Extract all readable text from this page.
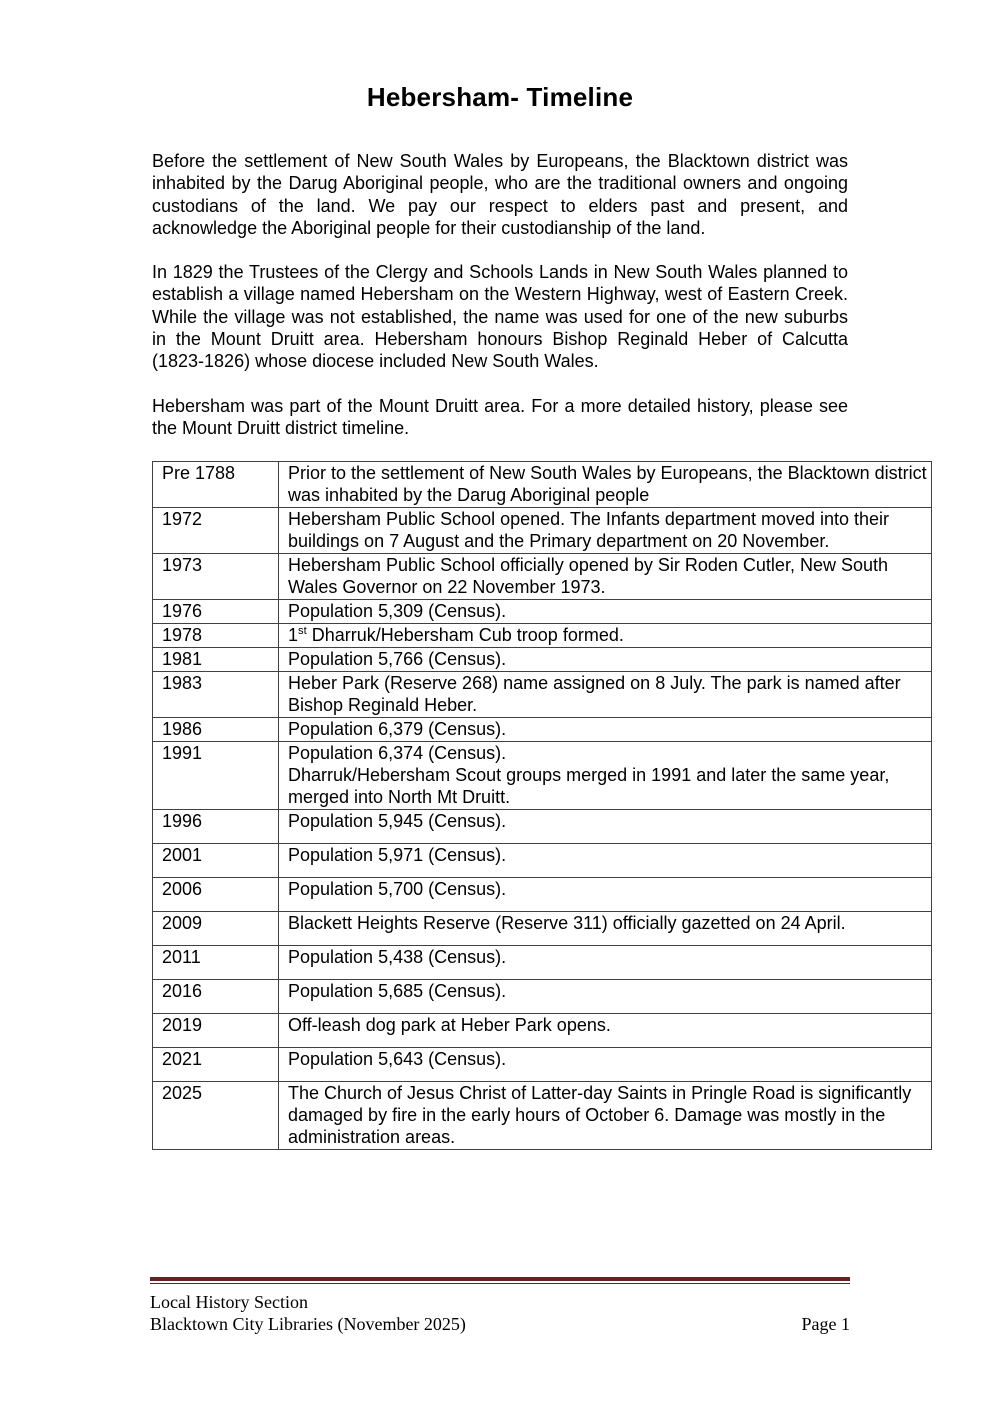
Hebersham- Timeline

Before the settlement of New South Wales by Europeans, the Blacktown district was inhabited by the Darug Aboriginal people, who are the traditional owners and ongoing custodians of the land. We pay our respect to elders past and present, and acknowledge the Aboriginal people for their custodianship of the land.

In 1829 the Trustees of the Clergy and Schools Lands in New South Wales planned to establish a village named Hebersham on the Western Highway, west of Eastern Creek. While the village was not established, the name was used for one of the new suburbs in the Mount Druitt area. Hebersham honours Bishop Reginald Heber of Calcutta (1823-1826) whose diocese included New South Wales.

Hebersham was part of the Mount Druitt area. For a more detailed history, please see the Mount Druitt district timeline.

Pre 1788	Prior to the settlement of New South Wales by Europeans, the Blacktown district was inhabited by the Darug Aboriginal people

1972	Hebersham Public School opened. The Infants department moved into their buildings on 7 August and the Primary department on 20 November.

1973	Hebersham Public School officially opened by Sir Roden Cutler, New South Wales Governor on 22 November 1973.

1976	Population 5,309 (Census).

1978	1st Dharruk/Hebersham Cub troop formed.

1981	Population 5,766 (Census).

1983	Heber Park (Reserve 268) name assigned on 8 July. The park is named after Bishop Reginald Heber.

1986	Population 6,379 (Census).

1991	Population 6,374 (Census).
Dharruk/Hebersham Scout groups merged in 1991 and later the same year, merged into North Mt Druitt.

1996	Population 5,945 (Census).

2001	Population 5,971 (Census).

2006	Population 5,700 (Census).

2009	Blackett Heights Reserve (Reserve 311) officially gazetted on 24 April.

2011	Population 5,438 (Census).

2016	Population 5,685 (Census).

2019	Off-leash dog park at Heber Park opens.

2021	Population 5,643 (Census).

2025	The Church of Jesus Christ of Latter-day Saints in Pringle Road is significantly damaged by fire in the early hours of October 6. Damage was mostly in the administration areas.
Local History Section
Blacktown City Libraries (November 2025)	Page 1
